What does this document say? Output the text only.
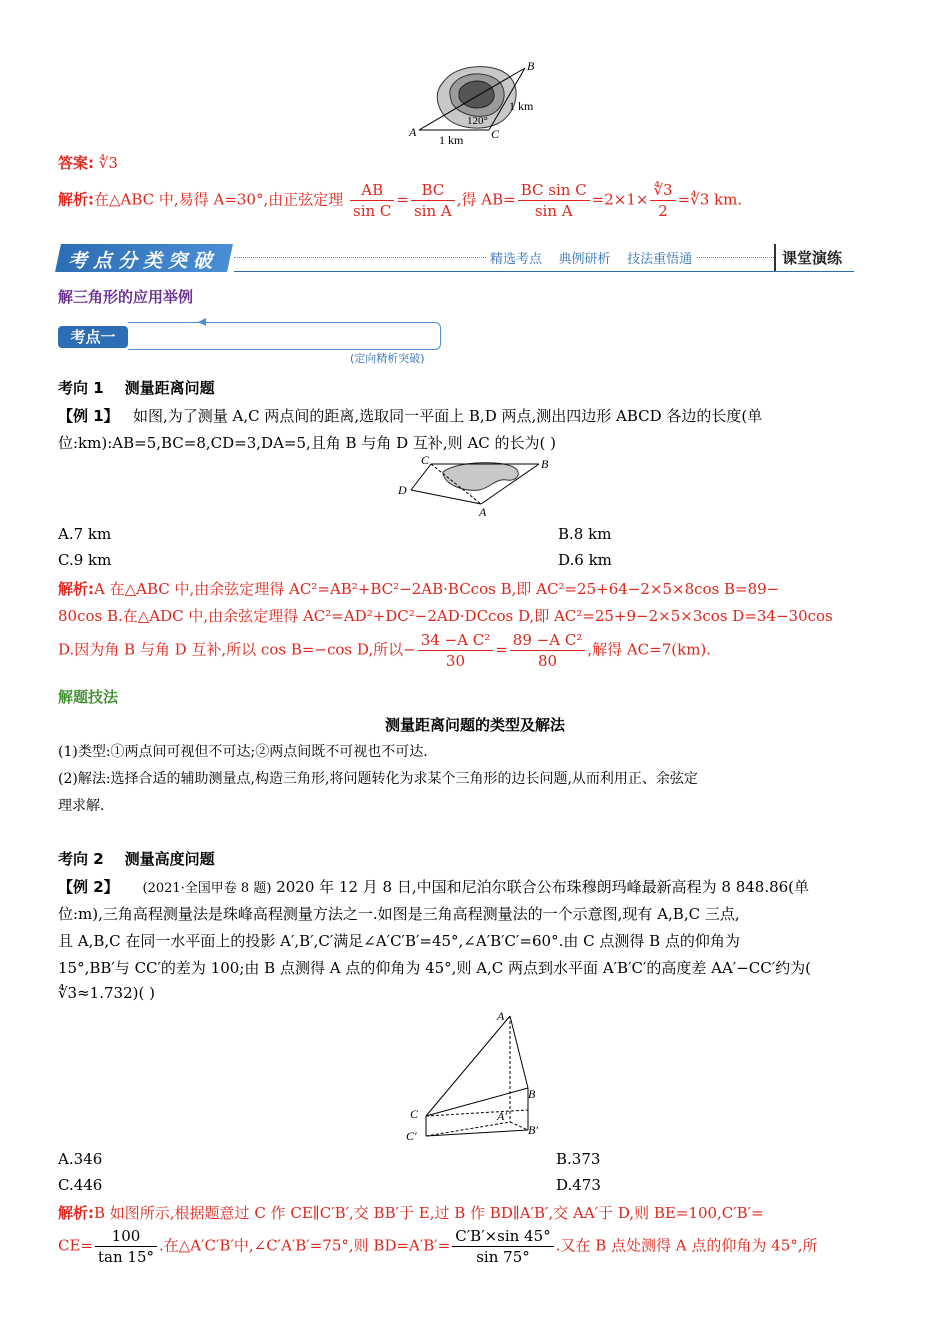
B
A	C
120°
1 km
1 km
答案: ∜3
解析:在△ABC 中,易得 A=30°,由正弦定理 $\frac{AB}{\text{sin C}} = \frac{BC}{\text{sin A}}$ ,得 $AB= \frac{\text{BC sin C}}{\text{sin A}} =2\times 1\times \frac{∜3}{2}$ =∜3 km.
考点分类突破	精选考点 典例研析 技法重悟通	课堂演练
解三角形的应用举例
考点一
(定向精析突破)
考向 1 测量距离问题
【例 1】 如图,为了测量 A,C 两点间的距离,选取同一平面上 B,D 两点,测出四边形 ABCD 各边的长度(单
位:km):AB=5,BC=8,CD=3,DA=5,且角 B 与角 D 互补,则 AC 的长为( )
C	B
D
A
A.7 km	B.8 km
C.9 km	D.6 km
解析:A 在△ABC 中,由余弦定理得 AC²=AB²+BC²−2AB·BCcos B,即 AC²=25+64−2×5×8cos B=89−
80cos B.在△ADC 中,由余弦定理得 AC²=AD²+DC²−2AD·DCcos D,即 AC²=25+9−2×5×3cos D=34−30cos
D.因为角 B 与角 D 互补,所以 cos B=−cos D,所以− $\frac{\text{34 −A C²}}{30} = \frac{\text{89 −A C²}}{80}$ ,解得 AC=7(km).
解题技法
测量距离问题的类型及解法
(1)类型:①两点间可视但不可达;②两点间既不可视也不可达.
(2)解法:选择合适的辅助测量点,构造三角形,将问题转化为求某个三角形的边长问题,从而利用正、余弦定
理求解.
考向 2 测量高度问题
【例 2】 (2021·全国甲卷 8 题) 2020 年 12 月 8 日,中国和尼泊尔联合公布珠穆朗玛峰最新高程为 8 848.86(单
位:m),三角高程测量法是珠峰高程测量方法之一.如图是三角高程测量法的一个示意图,现有 A,B,C 三点,
且 A,B,C 在同一水平面上的投影 A′,B′,C′满足∠A′C′B′=45°,∠A′B′C′=60°.由 C 点测得 B 点的仰角为
15°,BB′与 CC′的差为 100;由 B 点测得 A 点的仰角为 45°,则 A,C 两点到水平面 A′B′C′的高度差 AA′−CC′约为(
∜3≈1.732)( )
A
B
C	A′
B′
C′
A.346	B.373
C.446	D.473
解析:B 如图所示,根据题意过 C 作 CE∥C′B′,交 BB′于 E,过 B 作 BD∥A′B′,交 AA′于 D,则 BE=100,C′B′=
$CE= \frac{100}{\tan 15^\circ}$ .在△A′C′B′中,∠C′A′B′=75°,则 $BD=A'B'= \frac{C'B'\times\sin 45^\circ}{\sin 75^\circ}$ .又在 B 点处测得 A 点的仰角为 45°,所
